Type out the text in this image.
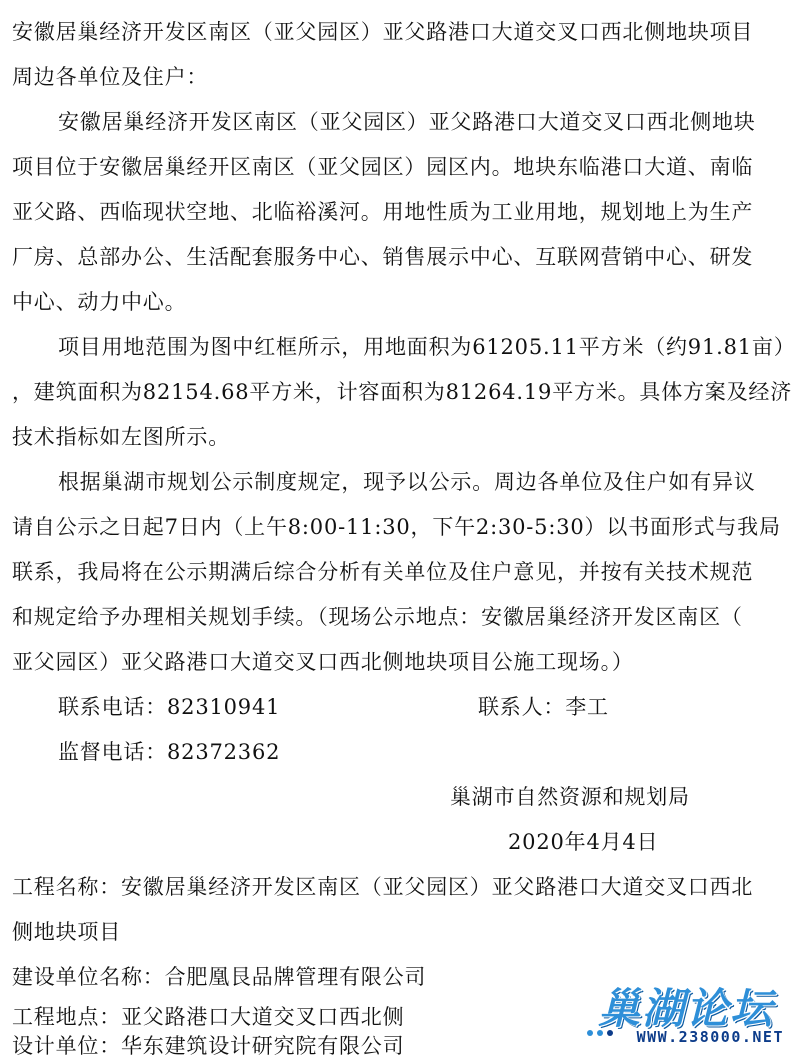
安徽居巢经济开发区南区（亚父园区）亚父路港口大道交叉口西北侧地块项目
周边各单位及住户：
安徽居巢经济开发区南区（亚父园区）亚父路港口大道交叉口西北侧地块
项目位于安徽居巢经开区南区（亚父园区）园区内。地块东临港口大道、南临
亚父路、西临现状空地、北临裕溪河。用地性质为工业用地，规划地上为生产
厂房、总部办公、生活配套服务中心、销售展示中心、互联网营销中心、研发
中心、动力中心。
项目用地范围为图中红框所示，用地面积为61205.11平方米（约91.81亩）
，建筑面积为82154.68平方米，计容面积为81264.19平方米。具体方案及经济
技术指标如左图所示。
根据巢湖市规划公示制度规定，现予以公示。周边各单位及住户如有异议
请自公示之日起7日内（上午8:00-11:30，下午2:30-5:30）以书面形式与我局
联系，我局将在公示期满后综合分析有关单位及住户意见，并按有关技术规范
和规定给予办理相关规划手续。（现场公示地点：安徽居巢经济开发区南区（
亚父园区）亚父路港口大道交叉口西北侧地块项目公施工现场。）
联系电话：82310941	联系人：李工
监督电话：82372362
巢湖市自然资源和规划局
2020年4月4日
工程名称：安徽居巢经济开发区南区（亚父园区）亚父路港口大道交叉口西北
侧地块项目
建设单位名称：合肥凰艮品牌管理有限公司
工程地点：亚父路港口大道交叉口西北侧
设计单位：华东建筑设计研究院有限公司
巢湖论坛
WWW.238000.NET
